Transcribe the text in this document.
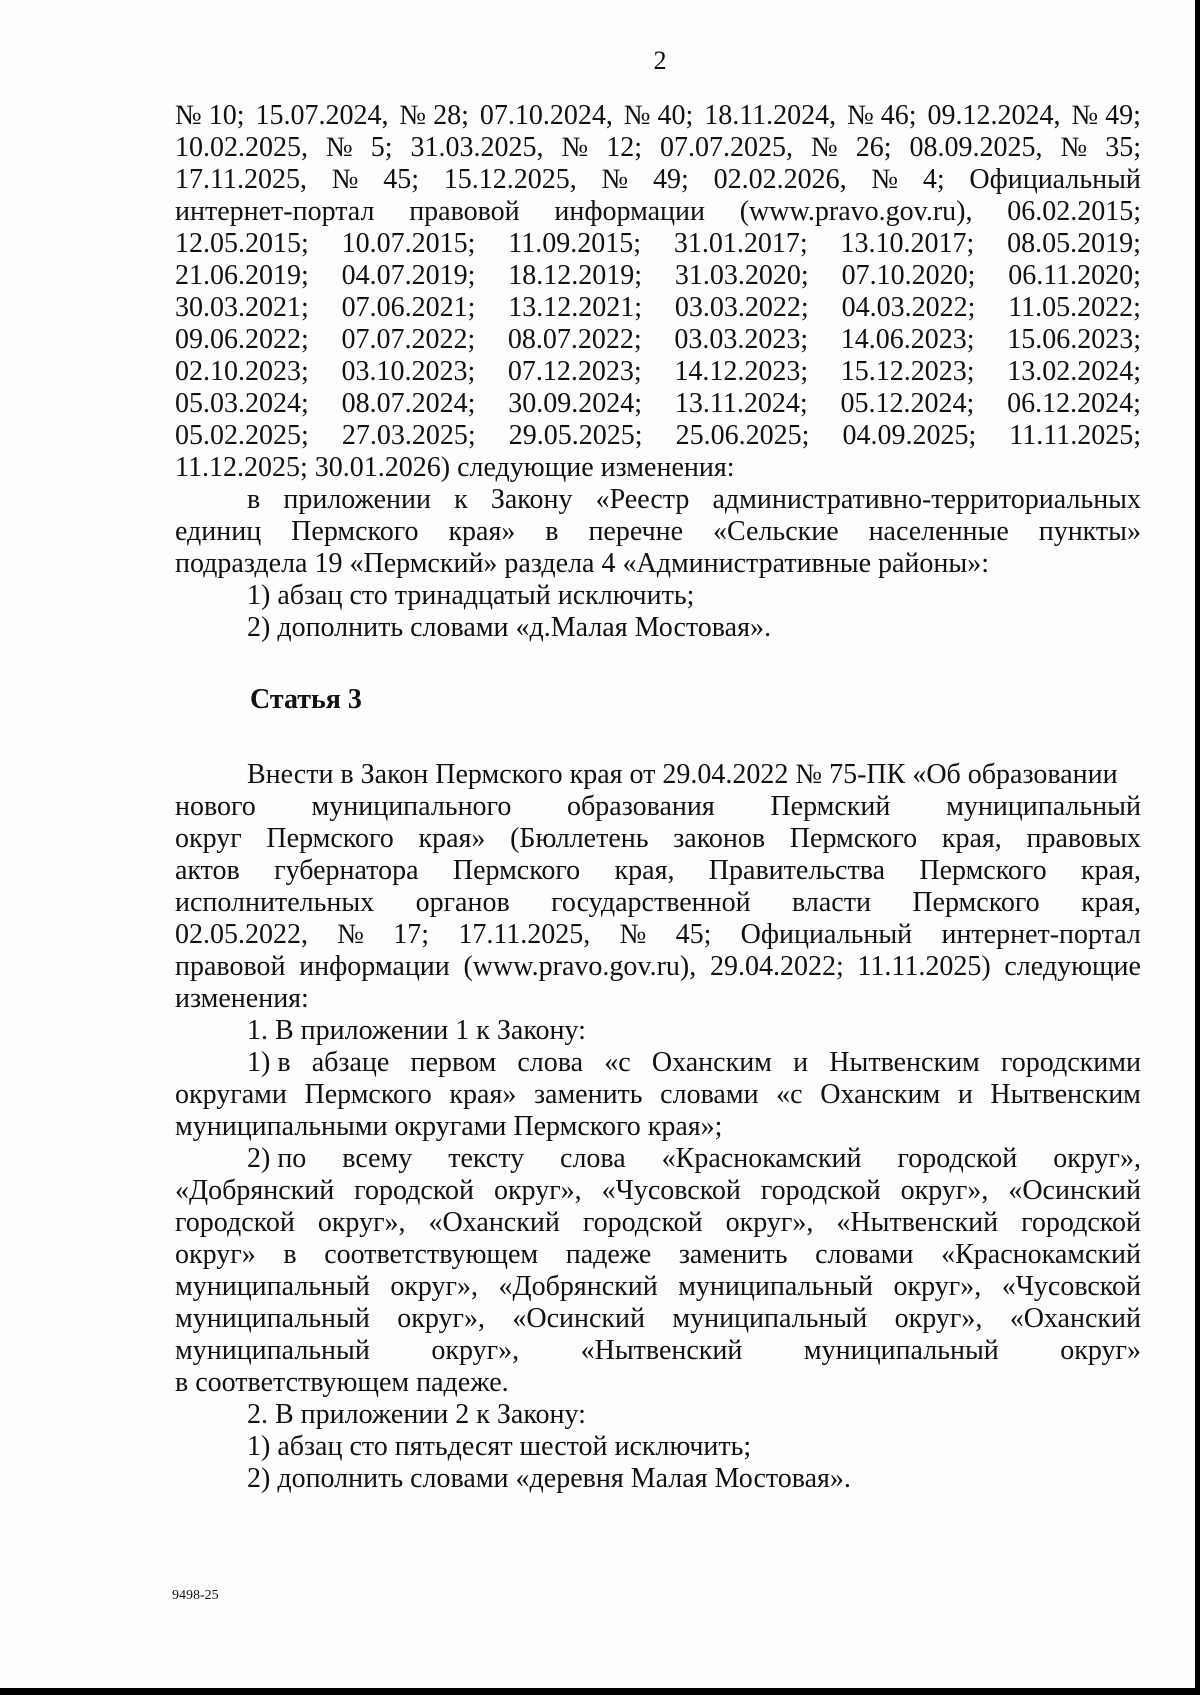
2
№ 10; 15.07.2024, № 28; 07.10.2024, № 40; 18.11.2024, № 46; 09.12.2024, № 49;
10.02.2025, № 5; 31.03.2025, № 12; 07.07.2025, № 26; 08.09.2025, № 35;
17.11.2025, № 45; 15.12.2025, № 49; 02.02.2026, № 4; Официальный
интернет-портал правовой информации (www.pravo.gov.ru), 06.02.2015;
12.05.2015; 10.07.2015; 11.09.2015; 31.01.2017; 13.10.2017; 08.05.2019;
21.06.2019; 04.07.2019; 18.12.2019; 31.03.2020; 07.10.2020; 06.11.2020;
30.03.2021; 07.06.2021; 13.12.2021; 03.03.2022; 04.03.2022; 11.05.2022;
09.06.2022; 07.07.2022; 08.07.2022; 03.03.2023; 14.06.2023; 15.06.2023;
02.10.2023; 03.10.2023; 07.12.2023; 14.12.2023; 15.12.2023; 13.02.2024;
05.03.2024; 08.07.2024; 30.09.2024; 13.11.2024; 05.12.2024; 06.12.2024;
05.02.2025; 27.03.2025; 29.05.2025; 25.06.2025; 04.09.2025; 11.11.2025;
11.12.2025; 30.01.2026) следующие изменения:
в приложении к Закону «Реестр административно-территориальных
единиц Пермского края» в перечне «Сельские населенные пункты»
подраздела 19 «Пермский» раздела 4 «Административные районы»:
1) абзац сто тринадцатый исключить;
2) дополнить словами «д.Малая Мостовая».
Статья 3
Внести в Закон Пермского края от 29.04.2022 № 75-ПК «Об образовании
нового муниципального образования Пермский муниципальный
округ Пермского края» (Бюллетень законов Пермского края, правовых
актов губернатора Пермского края, Правительства Пермского края,
исполнительных органов государственной власти Пермского края,
02.05.2022, № 17; 17.11.2025, № 45; Официальный интернет-портал
правовой информации (www.pravo.gov.ru), 29.04.2022; 11.11.2025) следующие
изменения:
1. В приложении 1 к Закону:
1) в абзаце первом слова «с Оханским и Нытвенским городскими
округами Пермского края» заменить словами «с Оханским и Нытвенским
муниципальными округами Пермского края»;
2) по всему тексту слова «Краснокамский городской округ»,
«Добрянский городской округ», «Чусовской городской округ», «Осинский
городской округ», «Оханский городской округ», «Нытвенский городской
округ» в соответствующем падеже заменить словами «Краснокамский
муниципальный округ», «Добрянский муниципальный округ», «Чусовской
муниципальный округ», «Осинский муниципальный округ», «Оханский
муниципальный округ», «Нытвенский муниципальный округ»
в соответствующем падеже.
2. В приложении 2 к Закону:
1) абзац сто пятьдесят шестой исключить;
2) дополнить словами «деревня Малая Мостовая».
9498-25
